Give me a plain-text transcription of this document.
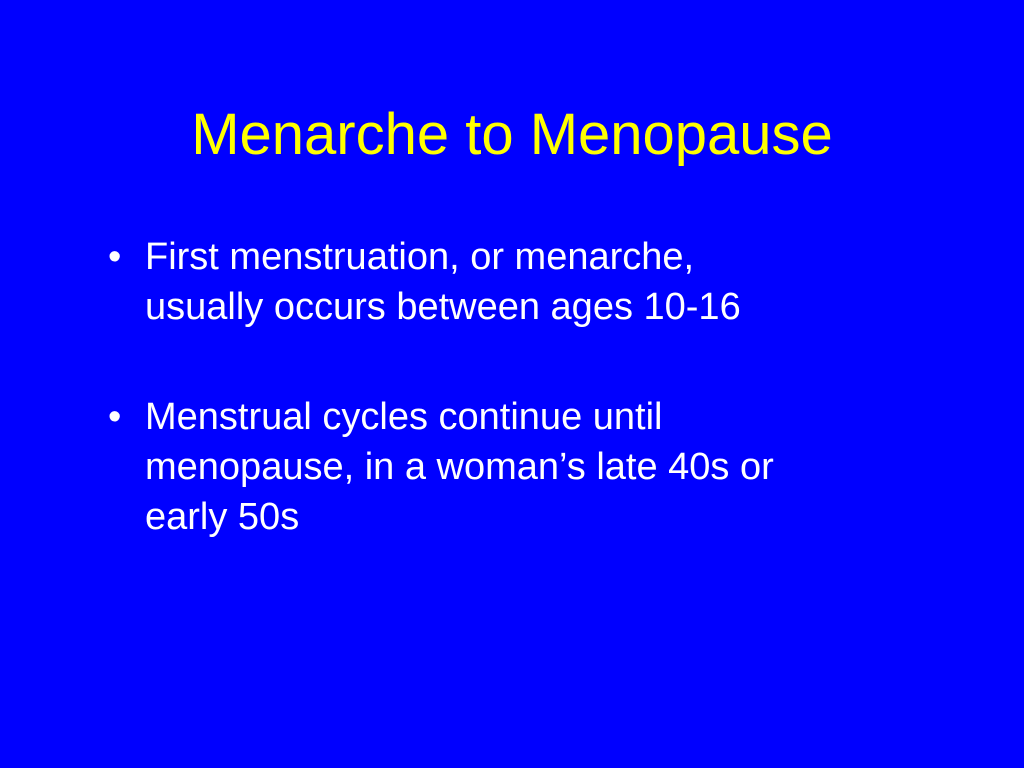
Menarche to Menopause
• First menstruation, or menarche,
usually occurs between ages 10-16
• Menstrual cycles continue until
menopause, in a woman’s late 40s or
early 50s
